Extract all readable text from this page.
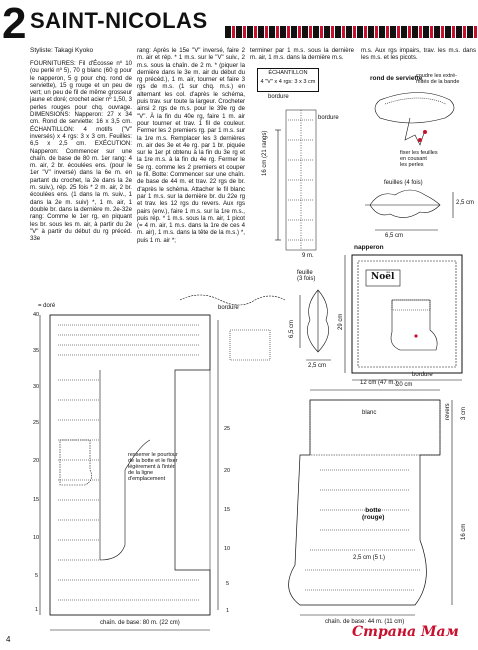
2 SAINT-NICOLAS
Styliste: Takagi Kyoko
FOURNITURES: Fil d'Écosse nº 10 (ou perlé nº 5), 70 g blanc (60 g pour le napperon, 5 g pour chq. rond de serviette), 15 g rouge et un peu de vert; un peu de fil de même grosseur jaune et doré; crochet acier nº 1,50, 3 perles rouges pour chq. ouvrage. DIMENSIONS: Napperon: 27 x 34 cm. Rond de serviette: 16 x 3,5 cm. ÉCHANTILLON: 4 motifs ("V" inversés) x 4 rgs: 3 x 3 cm. Feuilles: 6,5 x 2,5 cm. EXÉCUTION: Napperon: Commencer sur une chaîn. de base de 80 m. 1er rang: 4 m. air, 2 br. écoulées ens. (pour le 1er "V" inversé) dans la 6e m. en partant du crochet, la 2e dans la 2e m. suiv.), rép. 25 fois * 2 m. air, 2 br. écoulées ens. (1 dans la m. suiv., 1 dans la 2e m. suiv) *, 1 m. air, 1 double br. dans la dernière m. 2e-32e rang: Comme le 1er rg, en piquant les br. sous les m. air, à partir du 2e "V" à partir du début du rg précéd. 33e
rang: Après le 15e "V" inversé, faire 2 m. air et rép. * 1 m.s. sur le "V" suiv., 2 m.s. sous la chaîn. de 2 m. * (piquer la dernière dans le 3e m. air du début du rg précéd.), 1 m. air, tourner et faire 3 rgs de m.s. (1 sur chq. m.s.) en alternant les col. d'après le schéma, puis trav. sur toute la largeur. Crocheter ainsi 2 rgs de m.s. pour le 39e rg de "V". À la fin du 40e rg, faire 1 m. air pour tourner et trav. 1 fil de couleur. Fermer les 2 premiers rg. par 1 m.s. sur la 1re m.s. Remplacer les 3 dernières m. air des 3e et 4e rg. par 1 br. piquée sur le 1er pt obtenu à la fin du 3e rg et la 1re m.s. à la fin du 4e rg. Fermer le 5e rg. comme les 2 premiers et couper le fil. Botte: Commencer sur une chaîn. de base de 44 m. et trav. 22 rgs de br. d'après le schéma. Attacher le fil blanc par 1 m.s. sur la dernière br. du 22e rg et trav. les 12 rgs du revers. Aux rgs pairs (env.), faire 1 m.s. sur la 1re m.s., puis rép. * 1 m.s. sous la m. air, 1 picot (= 4 m. air, 1 m.s. dans la 1re de ces 4 m. air), 1 m.s. dans la tête de la m.s.) *, puis 1 m. air *;
terminer par 1 m.s. sous la dernière m. air, 1 m.s. dans la dernière m.s.
m.s. Aux rgs impairs, trav. les m.s. dans les m.s. et les picots.
ÉCHANTILLON
4 "V" x 4 rgs: 3 x 3 cm
bordure
bordure
rond de serviette
coudre les extré-
mités de la bande
fixer les feuilles
en cousant
les perles
feuilles (4 fois)
6,5 cm
2,5 cm
feuille
(3 fois)
9 m.
16 cm (21 rangs)
6,5 cm
2,5 cm
napperon
Noël
29 cm
20 cm
bordure
bordure
= doré
12 cm (47 m.)
blanc	revers 3 cm
16 cm
botte
(rouge)
2,5 cm (5 t.)
resserrer le pourtour
de la botte et le fixer
légèrement à l'intér.
de la ligne
d'emplacement
chaîn. de base: 80 m. (22 cm)	chaîn. de base: 44 m. (11 cm)
40
35
30
25
20
15
10
5
1
25
20
15
10
5
1
4	Страна Мам
